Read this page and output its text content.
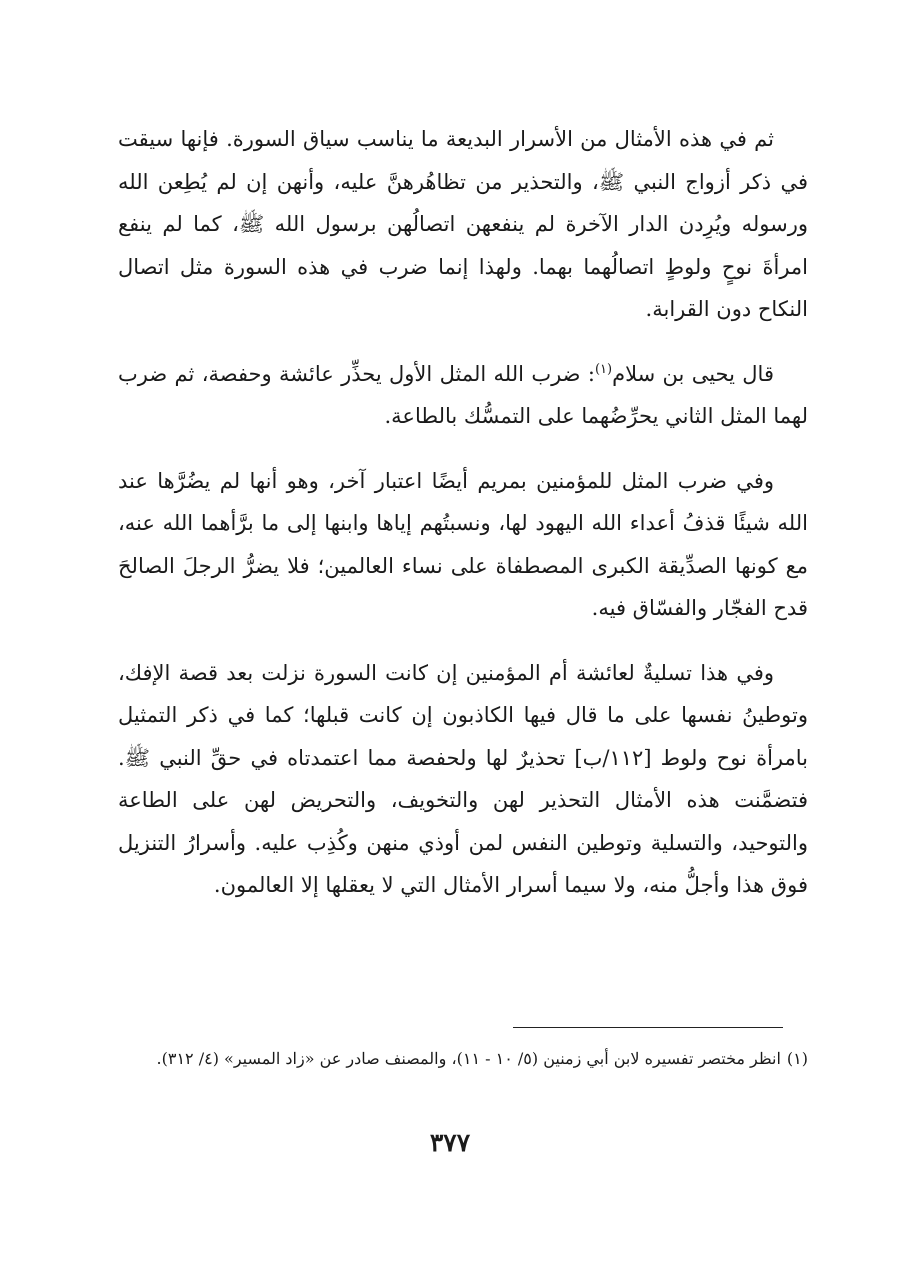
ثم في هذه الأمثال من الأسرار البديعة ما يناسب سياق السورة. فإنها سيقت في ذكر أزواج النبي ﷺ، والتحذير من تظاهُرهنَّ عليه، وأنهن إن لم يُطِعن الله ورسوله ويُرِدن الدار الآخرة لم ينفعهن اتصالُهن برسول الله ﷺ، كما لم ينفع امرأةَ نوحٍ ولوطٍ اتصالُهما بهما. ولهذا إنما ضرب في هذه السورة مثل اتصال النكاح دون القرابة.

قال يحيى بن سلام$^{(١)}$: ضرب الله المثل الأول يحذِّر عائشة وحفصة، ثم ضرب لهما المثل الثاني يحرِّضُهما على التمسُّك بالطاعة.

وفي ضرب المثل للمؤمنين بمريم أيضًا اعتبار آخر، وهو أنها لم يضُرَّها عند الله شيئًا قذفُ أعداء الله اليهود لها، ونسبتُهم إياها وابنها إلى ما برَّأهما الله عنه، مع كونها الصدِّيقة الكبرى المصطفاة على نساء العالمين؛ فلا يضرُّ الرجلَ الصالحَ قدح الفجّار والفسّاق فيه.

وفي هذا تسليةٌ لعائشة أم المؤمنين إن كانت السورة نزلت بعد قصة الإفك، وتوطينُ نفسها على ما قال فيها الكاذبون إن كانت قبلها؛ كما في ذكر التمثيل بامرأة نوح ولوط [١١٢/ب] تحذيرٌ لها ولحفصة مما اعتمدتاه في حقِّ النبي ﷺ. فتضمَّنت هذه الأمثال التحذير لهن والتخويف، والتحريض لهن على الطاعة والتوحيد، والتسلية وتوطين النفس لمن أوذي منهن وكُذِب عليه. وأسرارُ التنزيل فوق هذا وأجلُّ منه، ولا سيما أسرار الأمثال التي لا يعقلها إلا العالمون.

(١)انظر مختصر تفسيره لابن أبي زمنين (٥/ ١٠ - ١١)، والمصنف صادر عن «زاد المسير» (٤/ ٣١٢).

٣٧٧
